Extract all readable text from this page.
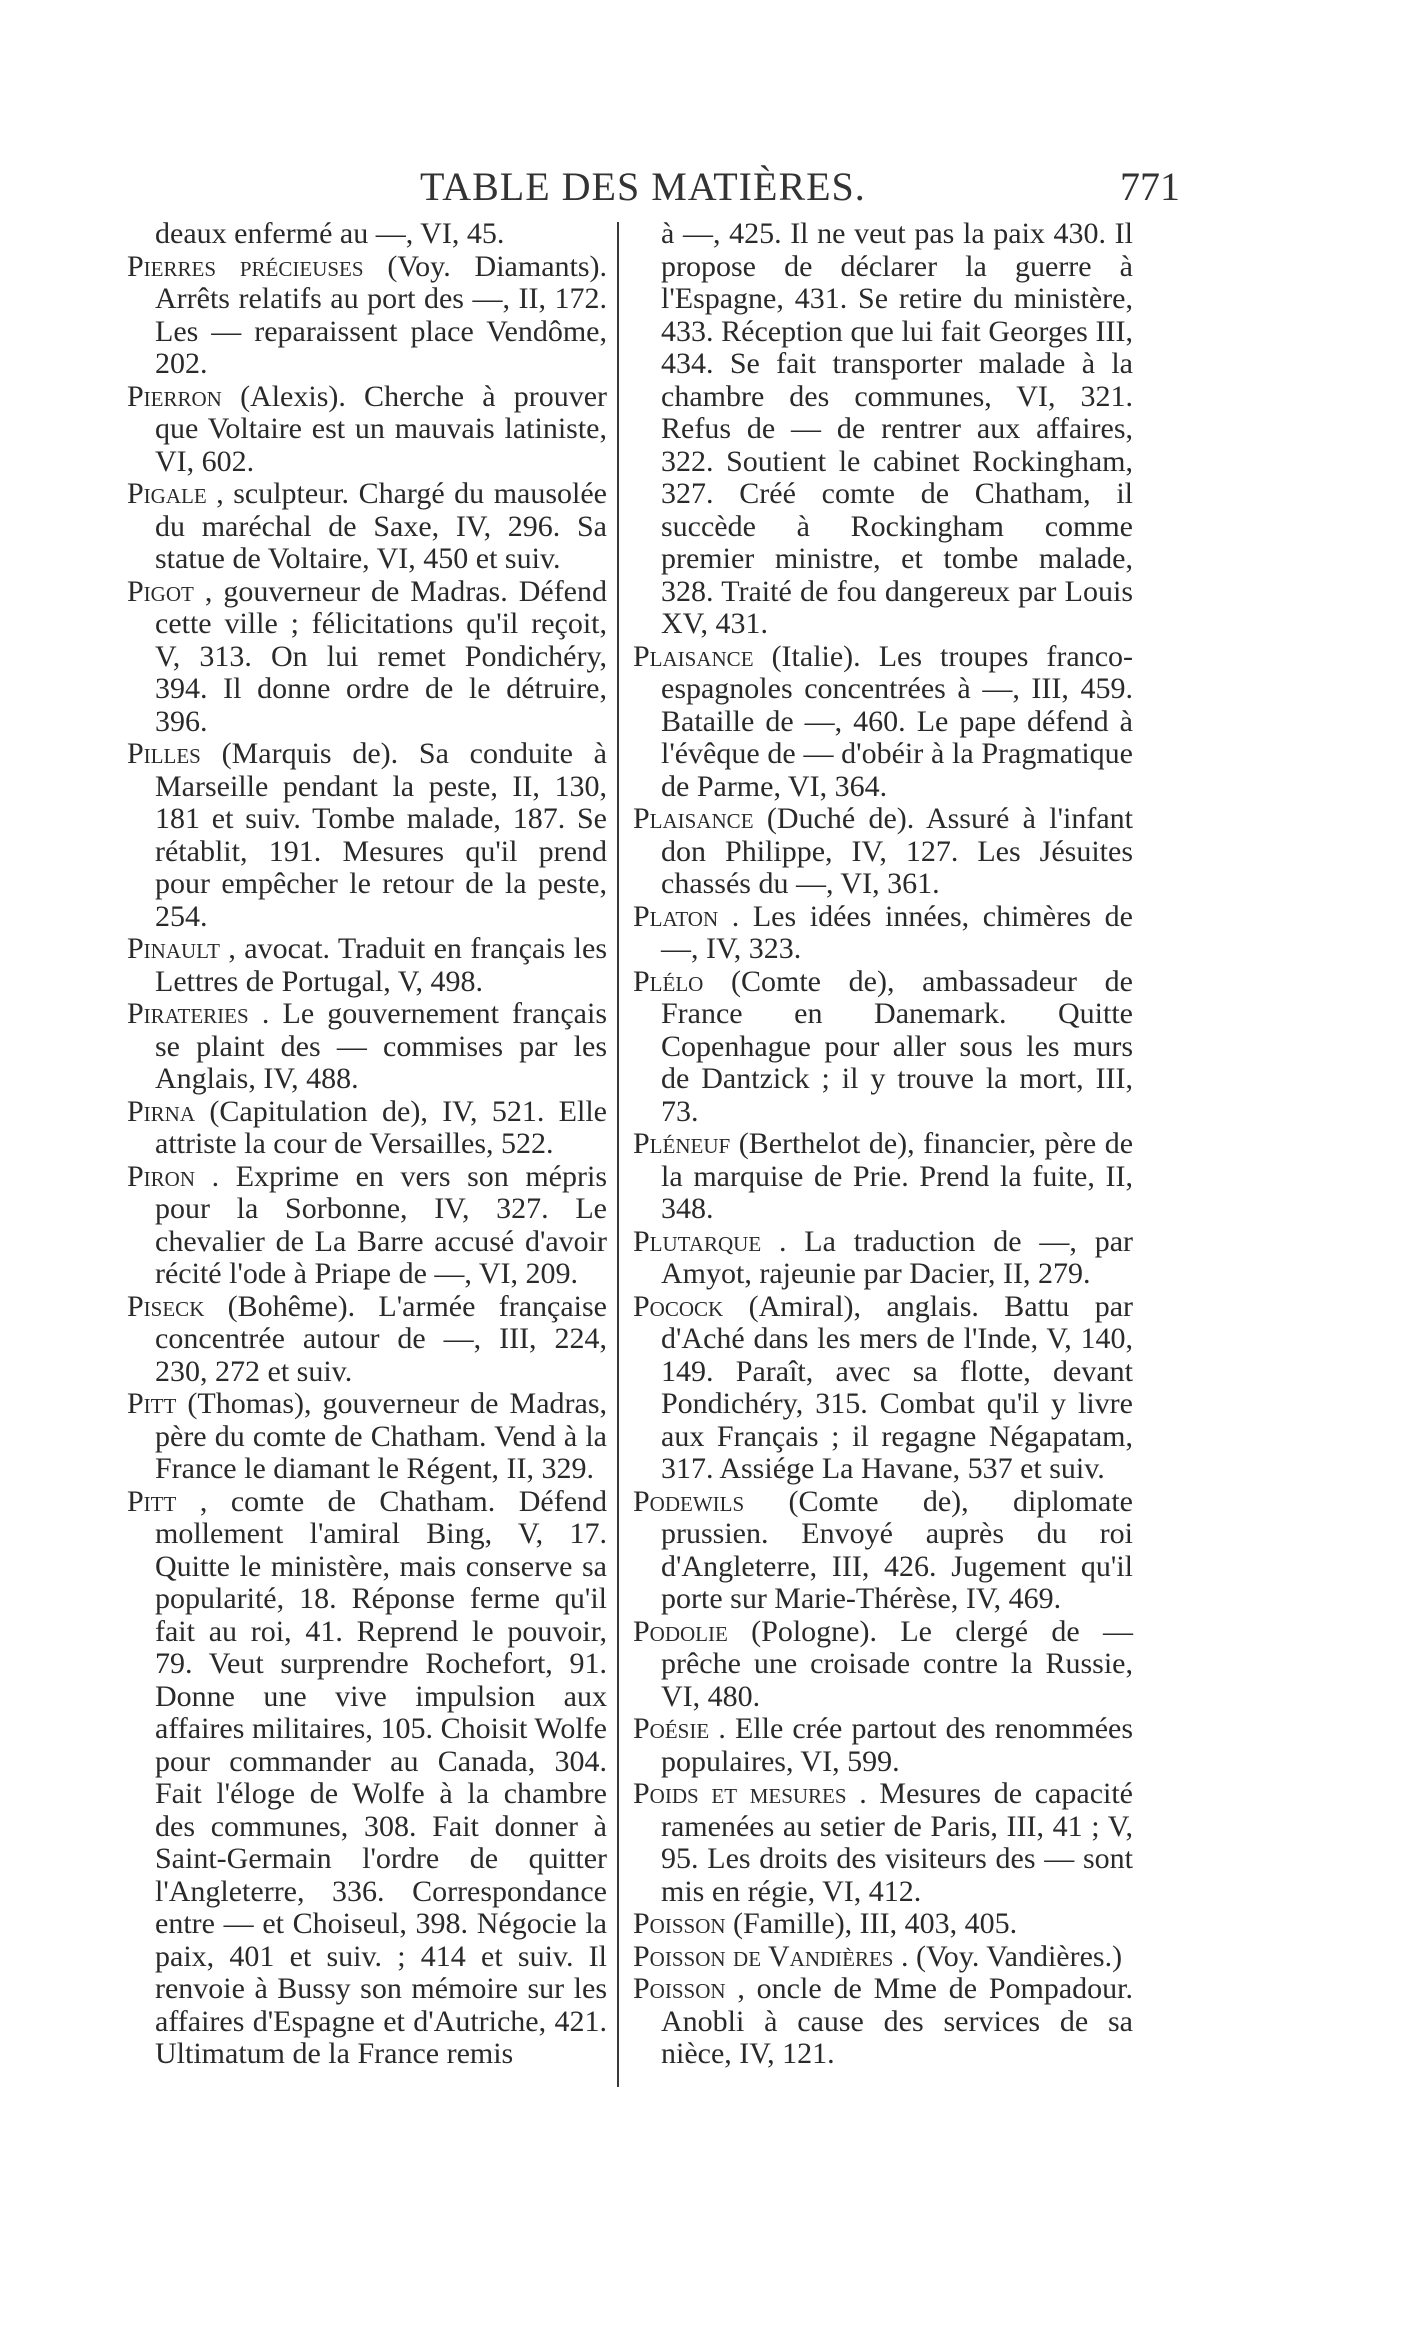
TABLE DES MATIÈRES.	771

deaux enfermé au —, VI, 45.

Pierres précieuses (Voy. Diamants). Arrêts relatifs au port des —, II, 172. Les — reparaissent place Vendôme, 202.

Pierron (Alexis). Cherche à prouver que Voltaire est un mauvais latiniste, VI, 602.

Pigale , sculpteur. Chargé du mausolée du maréchal de Saxe, IV, 296. Sa statue de Voltaire, VI, 450 et suiv.

Pigot , gouverneur de Madras. Défend cette ville ; félicitations qu'il reçoit, V, 313. On lui remet Pondichéry, 394. Il donne ordre de le détruire, 396.

Pilles (Marquis de). Sa conduite à Marseille pendant la peste, II, 130, 181 et suiv. Tombe malade, 187. Se rétablit, 191. Mesures qu'il prend pour empêcher le retour de la peste, 254.

Pinault , avocat. Traduit en français les Lettres de Portugal, V, 498.

Pirateries . Le gouvernement français se plaint des — commises par les Anglais, IV, 488.

Pirna (Capitulation de), IV, 521. Elle attriste la cour de Versailles, 522.

Piron . Exprime en vers son mépris pour la Sorbonne, IV, 327. Le chevalier de La Barre accusé d'avoir récité l'ode à Priape de —, VI, 209.

Piseck (Bohême). L'armée française concentrée autour de —, III, 224, 230, 272 et suiv.

Pitt (Thomas), gouverneur de Madras, père du comte de Chatham. Vend à la France le diamant le Régent, II, 329.

Pitt , comte de Chatham. Défend mollement l'amiral Bing, V, 17. Quitte le ministère, mais conserve sa popularité, 18. Réponse ferme qu'il fait au roi, 41. Reprend le pouvoir, 79. Veut surprendre Rochefort, 91. Donne une vive impulsion aux affaires militaires, 105. Choisit Wolfe pour commander au Canada, 304. Fait l'éloge de Wolfe à la chambre des communes, 308. Fait donner à Saint-Germain l'ordre de quitter l'Angleterre, 336. Correspondance entre — et Choiseul, 398. Négocie la paix, 401 et suiv. ; 414 et suiv. Il renvoie à Bussy son mémoire sur les affaires d'Espagne et d'Autriche, 421. Ultimatum de la France remis

à —, 425. Il ne veut pas la paix 430. Il propose de déclarer la guerre à l'Espagne, 431. Se retire du ministère, 433. Réception que lui fait Georges III, 434. Se fait transporter malade à la chambre des communes, VI, 321. Refus de — de rentrer aux affaires, 322. Soutient le cabinet Rockingham, 327. Créé comte de Chatham, il succède à Rockingham comme premier ministre, et tombe malade, 328. Traité de fou dangereux par Louis XV, 431.

Plaisance (Italie). Les troupes franco-espagnoles concentrées à —, III, 459. Bataille de —, 460. Le pape défend à l'évêque de — d'obéir à la Pragmatique de Parme, VI, 364.

Plaisance (Duché de). Assuré à l'infant don Philippe, IV, 127. Les Jésuites chassés du —, VI, 361.

Platon . Les idées innées, chimères de —, IV, 323.

Plélo (Comte de), ambassadeur de France en Danemark. Quitte Copenhague pour aller sous les murs de Dantzick ; il y trouve la mort, III, 73.

Pléneuf (Berthelot de), financier, père de la marquise de Prie. Prend la fuite, II, 348.

Plutarque . La traduction de —, par Amyot, rajeunie par Dacier, II, 279.

Pocock (Amiral), anglais. Battu par d'Aché dans les mers de l'Inde, V, 140, 149. Paraît, avec sa flotte, devant Pondichéry, 315. Combat qu'il y livre aux Français ; il regagne Négapatam, 317. Assiége La Havane, 537 et suiv.

Podewils (Comte de), diplomate prussien. Envoyé auprès du roi d'Angleterre, III, 426. Jugement qu'il porte sur Marie-Thérèse, IV, 469.

Podolie (Pologne). Le clergé de — prêche une croisade contre la Russie, VI, 480.

Poésie . Elle crée partout des renommées populaires, VI, 599.

Poids et mesures . Mesures de capacité ramenées au setier de Paris, III, 41 ; V, 95. Les droits des visiteurs des — sont mis en régie, VI, 412.

Poisson (Famille), III, 403, 405.

Poisson de Vandières . (Voy. Vandières.)

Poisson , oncle de Mme de Pompadour. Anobli à cause des services de sa nièce, IV, 121.
